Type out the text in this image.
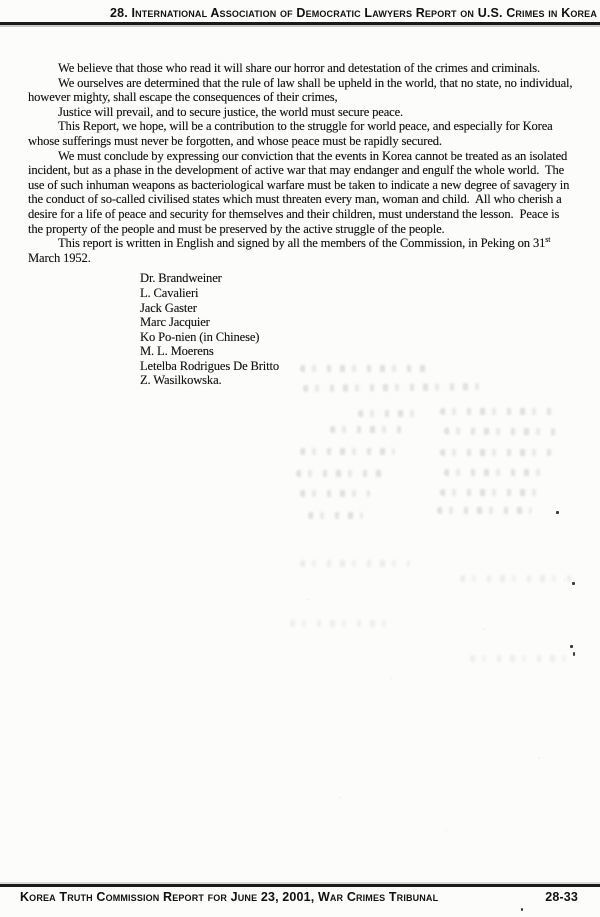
28. International Association of Democratic Lawyers Report on U.S. Crimes in Korea

We believe that those who read it will share our horror and detestation of the crimes and criminals.

We ourselves are determined that the rule of law shall be upheld in the world, that no state, no individual, however mighty, shall escape the consequences of their crimes,

Justice will prevail, and to secure justice, the world must secure peace.

This Report, we hope, will be a contribution to the struggle for world peace, and especially for Korea whose sufferings must never be forgotten, and whose peace must be rapidly secured.

We must conclude by expressing our conviction that the events in Korea cannot be treated as an isolated incident, but as a phase in the development of active war that may endanger and engulf the whole world.  The use of such inhuman weapons as bacteriological warfare must be taken to indicate a new degree of savagery in the conduct of so-called civilised states which must threaten every man, woman and child.  All who cherish a desire for a life of peace and security for themselves and their children, must understand the lesson.  Peace is the property of the people and must be preserved by the active struggle of the people.

This report is written in English and signed by all the members of the Commission, in Peking on 31st March 1952.

Dr. Brandweiner
L. Cavalieri
Jack Gaster
Marc Jacquier
Ko Po-nien (in Chinese)
M. L. Moerens
Letelba Rodrigues De Britto
Z. Wasilkowska.
Korea Truth Commission Report for June 23, 2001, War Crimes Tribunal	28-33
